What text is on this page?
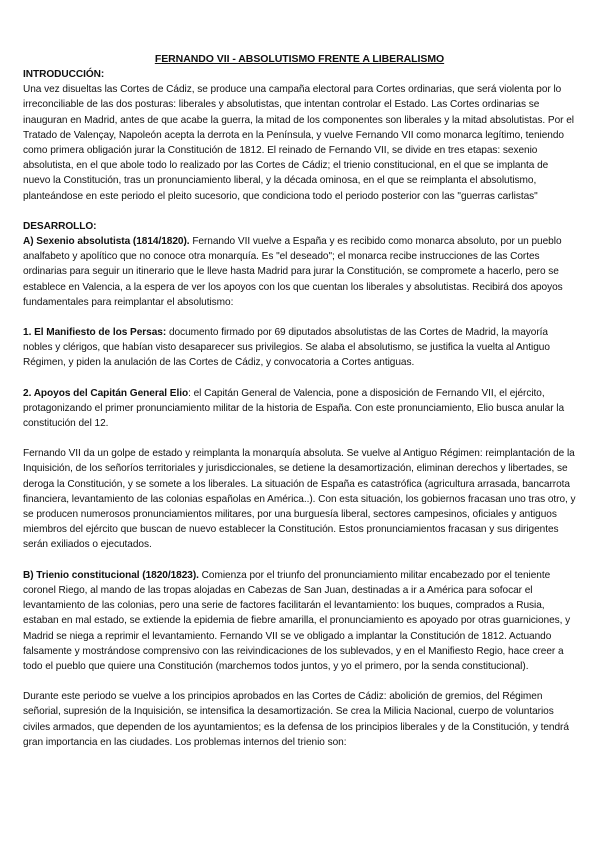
FERNANDO VII - ABSOLUTISMO FRENTE A LIBERALISMO
INTRODUCCIÓN:

Una vez disueltas las Cortes de Cádiz, se produce una campaña electoral para Cortes ordinarias, que será violenta por lo irreconciliable de las dos posturas: liberales y absolutistas, que intentan controlar el Estado. Las Cortes ordinarias se inauguran en Madrid, antes de que acabe la guerra, la mitad de los componentes son liberales y la mitad absolutistas. Por el Tratado de Valençay, Napoleón acepta la derrota en la Península, y vuelve Fernando VII como monarca legítimo, teniendo como primera obligación jurar la Constitución de 1812. El reinado de Fernando VII, se divide en tres etapas: sexenio absolutista, en el que abole todo lo realizado por las Cortes de Cádiz; el trienio constitucional, en el que se implanta de nuevo la Constitución, tras un pronunciamiento liberal, y la década ominosa, en el que se reimplanta el absolutismo, planteándose en este periodo el pleito sucesorio, que condiciona todo el periodo posterior con las "guerras carlistas"

DESARROLLO:

A) Sexenio absolutista (1814/1820). Fernando VII vuelve a España y es recibido como monarca absoluto, por un pueblo analfabeto y apolítico que no conoce otra monarquía. Es "el deseado"; el monarca recibe instrucciones de las Cortes ordinarias para seguir un itinerario que le lleve hasta Madrid para jurar la Constitución, se compromete a hacerlo, pero se establece en Valencia, a la espera de ver los apoyos con los que cuentan los liberales y absolutistas. Recibirá dos apoyos fundamentales para reimplantar el absolutismo:

1. El Manifiesto de los Persas: documento firmado por 69 diputados absolutistas de las Cortes de Madrid, la mayoría nobles y clérigos, que habían visto desaparecer sus privilegios. Se alaba el absolutismo, se justifica la vuelta al Antiguo Régimen, y piden la anulación de las Cortes de Cádiz, y convocatoria a Cortes antiguas.

2. Apoyos del Capitán General Elio: el Capitán General de Valencia, pone a disposición de Fernando VII, el ejército, protagonizando el primer pronunciamiento militar de la historia de España. Con este pronunciamiento, Elio busca anular la constitución del 12.

Fernando VII da un golpe de estado y reimplanta la monarquía absoluta. Se vuelve al Antiguo Régimen: reimplantación de la Inquisición, de los señoríos territoriales y jurisdiccionales, se detiene la desamortización, eliminan derechos y libertades, se deroga la Constitución, y se somete a los liberales. La situación de España es catastrófica (agricultura arrasada, bancarrota financiera, levantamiento de las colonias españolas en América..). Con esta situación, los gobiernos fracasan uno tras otro, y se producen numerosos pronunciamientos militares, por una burguesía liberal, sectores campesinos, oficiales y antiguos miembros del ejército que buscan de nuevo establecer la Constitución. Estos pronunciamientos fracasan y sus dirigentes serán exiliados o ejecutados.

B) Trienio constitucional (1820/1823). Comienza por el triunfo del pronunciamiento militar encabezado por el teniente coronel Riego, al mando de las tropas alojadas en Cabezas de San Juan, destinadas a ir a América para sofocar el levantamiento de las colonias, pero una serie de factores facilitarán el levantamiento: los buques, comprados a Rusia, estaban en mal estado, se extiende la epidemia de fiebre amarilla, el pronunciamiento es apoyado por otras guarniciones, y Madrid se niega a reprimir el levantamiento. Fernando VII se ve obligado a implantar la Constitución de 1812. Actuando falsamente y mostrándose comprensivo con las reivindicaciones de los sublevados, y en el Manifiesto Regio, hace creer a todo el pueblo que quiere una Constitución (marchemos todos juntos, y yo el primero, por la senda constitucional).

Durante este periodo se vuelve a los principios aprobados en las Cortes de Cádiz: abolición de gremios, del Régimen señorial, supresión de la Inquisición, se intensifica la desamortización. Se crea la Milicia Nacional, cuerpo de voluntarios civiles armados, que dependen de los ayuntamientos; es la defensa de los principios liberales y de la Constitución, y tendrá gran importancia en las ciudades. Los problemas internos del trienio son:
